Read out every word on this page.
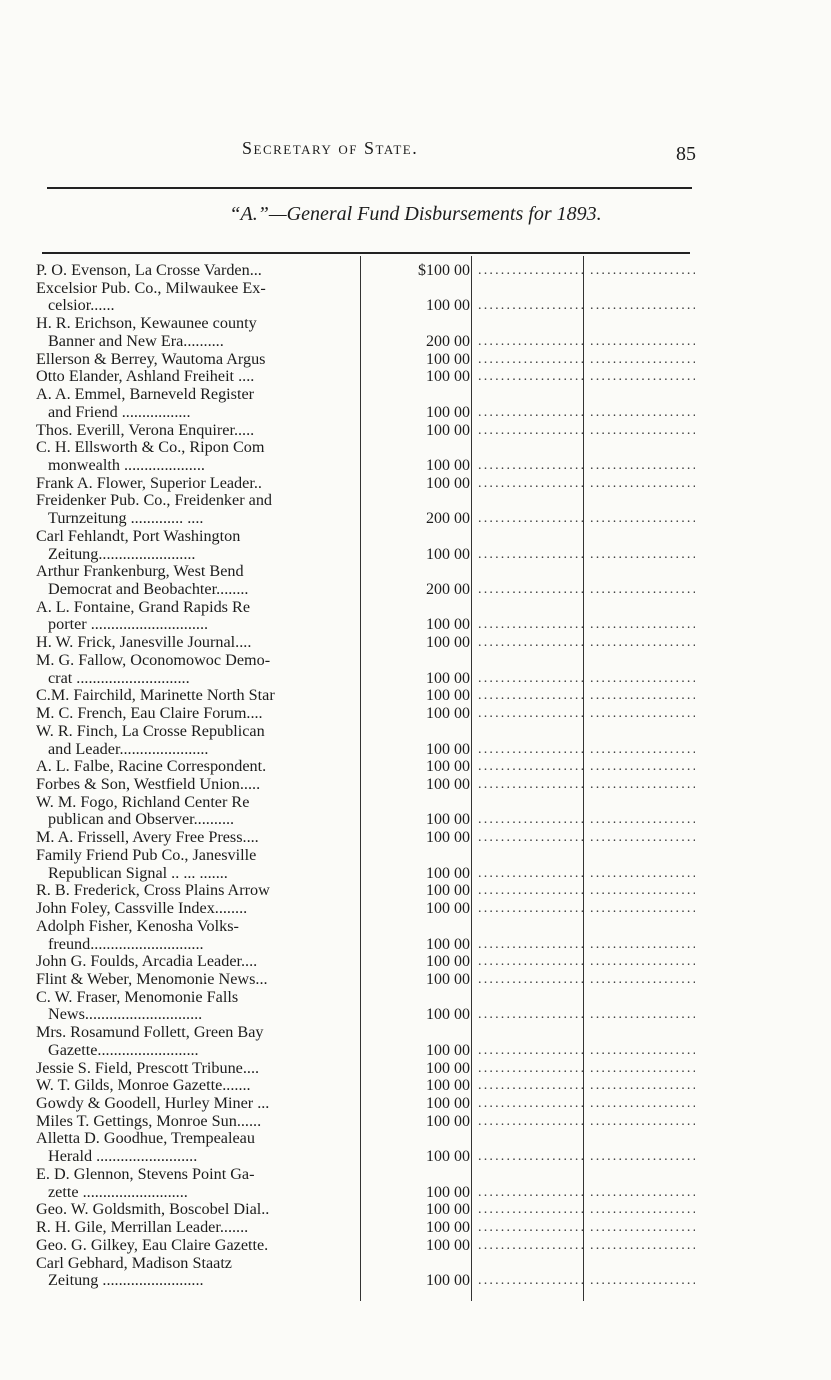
Secretary of State.	85
“A.”—General Fund Disbursements for 1893.
P. O. Evenson, La Crosse Varden...	$100 00
.....
.....
Excelsior Pub. Co., Milwaukee Ex-
celsior......	100 00
.....
.....
H. R. Erichson, Kewaunee county
Banner and New Era..........	200 00
.....
.....
Ellerson & Berrey, Wautoma Argus	100 00
.....
.....
Otto Elander, Ashland Freiheit ....	100 00
.....
.....
A. A. Emmel, Barneveld Register
and Friend .................	100 00
.....
.....
Thos. Everill, Verona Enquirer.....	100 00
.....
.....
C. H. Ellsworth & Co., Ripon Com
monwealth ....................	100 00
.....
.....
Frank A. Flower, Superior Leader..	100 00
.....
.....
Freidenker Pub. Co., Freidenker and
Turnzeitung ............. ....	200 00
.....
.....
Carl Fehlandt, Port Washington
Zeitung........................	100 00
.....
.....
Arthur Frankenburg, West Bend
Democrat and Beobachter........	200 00
.....
.....
A. L. Fontaine, Grand Rapids Re
porter .............................	100 00
.....
.....
H. W. Frick, Janesville Journal....	100 00
.....
.....
M. G. Fallow, Oconomowoc Demo-
crat ............................	100 00
.....
.....
C.M. Fairchild, Marinette North Star	100 00
.....
.....
M. C. French, Eau Claire Forum....	100 00
.....
.....
W. R. Finch, La Crosse Republican
and Leader......................	100 00
.....
.....
A. L. Falbe, Racine Correspondent.	100 00
.....
.....
Forbes & Son, Westfield Union.....	100 00
.....
.....
W. M. Fogo, Richland Center Re
publican and Observer..........	100 00
.....
.....
M. A. Frissell, Avery Free Press....	100 00
.....
.....
Family Friend Pub Co., Janesville
Republican Signal .. ... .......	100 00
.....
.....
R. B. Frederick, Cross Plains Arrow	100 00
.....
.....
John Foley, Cassville Index........	100 00
.....
.....
Adolph Fisher, Kenosha Volks-
freund............................	100 00
.....
.....
John G. Foulds, Arcadia Leader....	100 00
.....
.....
Flint & Weber, Menomonie News...	100 00
.....
.....
C. W. Fraser, Menomonie Falls
News.............................	100 00
.....
.....
Mrs. Rosamund Follett, Green Bay
Gazette.........................	100 00
.....
.....
Jessie S. Field, Prescott Tribune....	100 00
.....
.....
W. T. Gilds, Monroe Gazette.......	100 00
.....
.....
Gowdy & Goodell, Hurley Miner ...	100 00
.....
.....
Miles T. Gettings, Monroe Sun......	100 00
.....
.....
Alletta D. Goodhue, Trempealeau
Herald .........................	100 00
.....
.....
E. D. Glennon, Stevens Point Ga-
zette ..........................	100 00
.....
.....
Geo. W. Goldsmith, Boscobel Dial..	100 00
.....
.....
R. H. Gile, Merrillan Leader.......	100 00
.....
.....
Geo. G. Gilkey, Eau Claire Gazette.	100 00
.....
.....
Carl Gebhard, Madison Staatz
Zeitung .........................	100 00
.....
.....
